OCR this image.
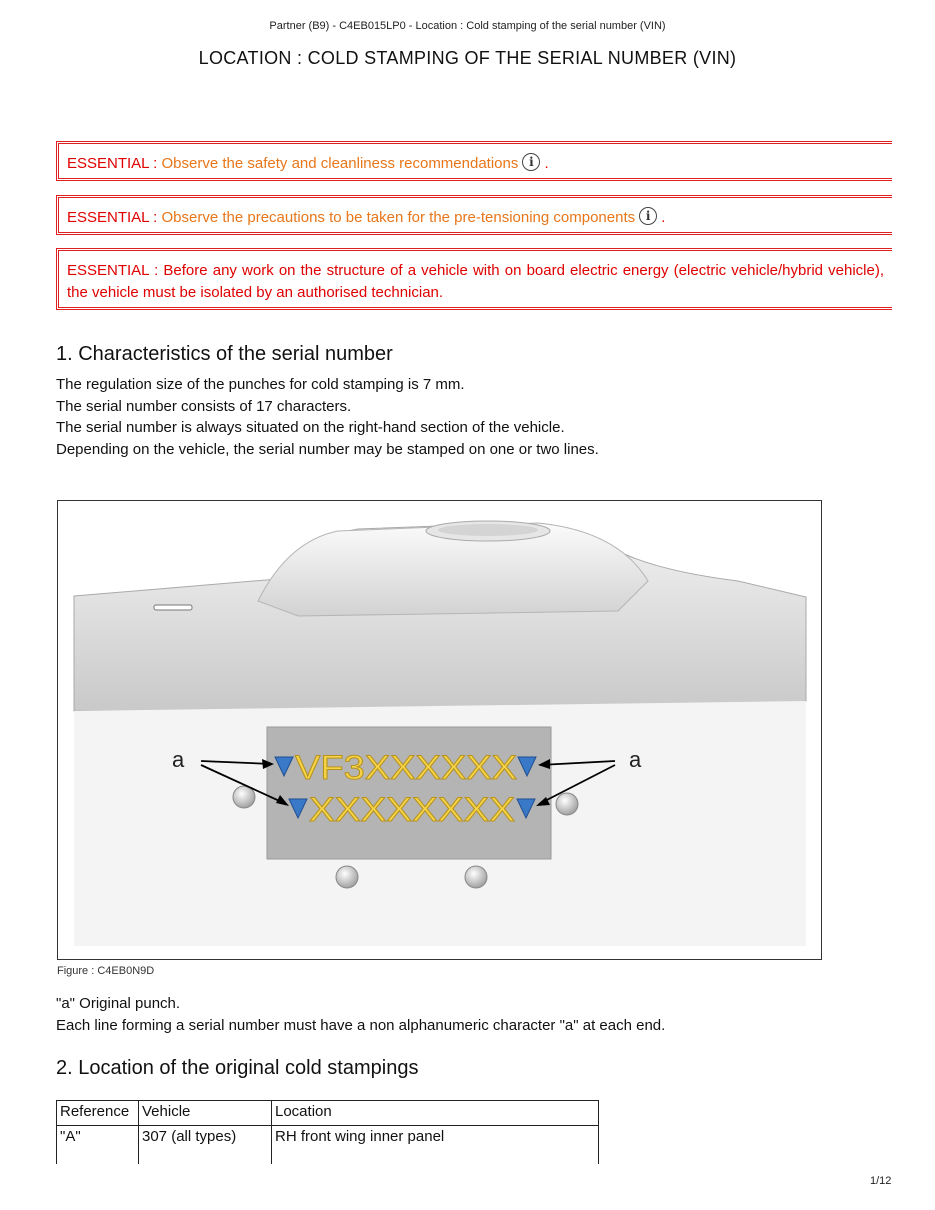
Partner (B9) - C4EB015LP0 - Location : Cold stamping of the serial number (VIN)
LOCATION : COLD STAMPING OF THE SERIAL NUMBER (VIN)
ESSENTIAL : Observe the safety and cleanliness recommendations i .
ESSENTIAL : Observe the precautions to be taken for the pre-tensioning components i .
ESSENTIAL : Before any work on the structure of a vehicle with on board electric energy (electric vehicle/hybrid vehicle), the vehicle must be isolated by an authorised technician.
1. Characteristics of the serial number
The regulation size of the punches for cold stamping is 7 mm.
The serial number consists of 17 characters.
The serial number is always situated on the right-hand section of the vehicle.
Depending on the vehicle, the serial number may be stamped on one or two lines.
VF3XXXXXX
XXXXXXXX
a	a
Figure : C4EB0N9D
"a" Original punch.
Each line forming a serial number must have a non alphanumeric character "a" at each end.
2. Location of the original cold stampings
Reference	Vehicle	Location
"A"	307 (all types)	RH front wing inner panel
1/12
